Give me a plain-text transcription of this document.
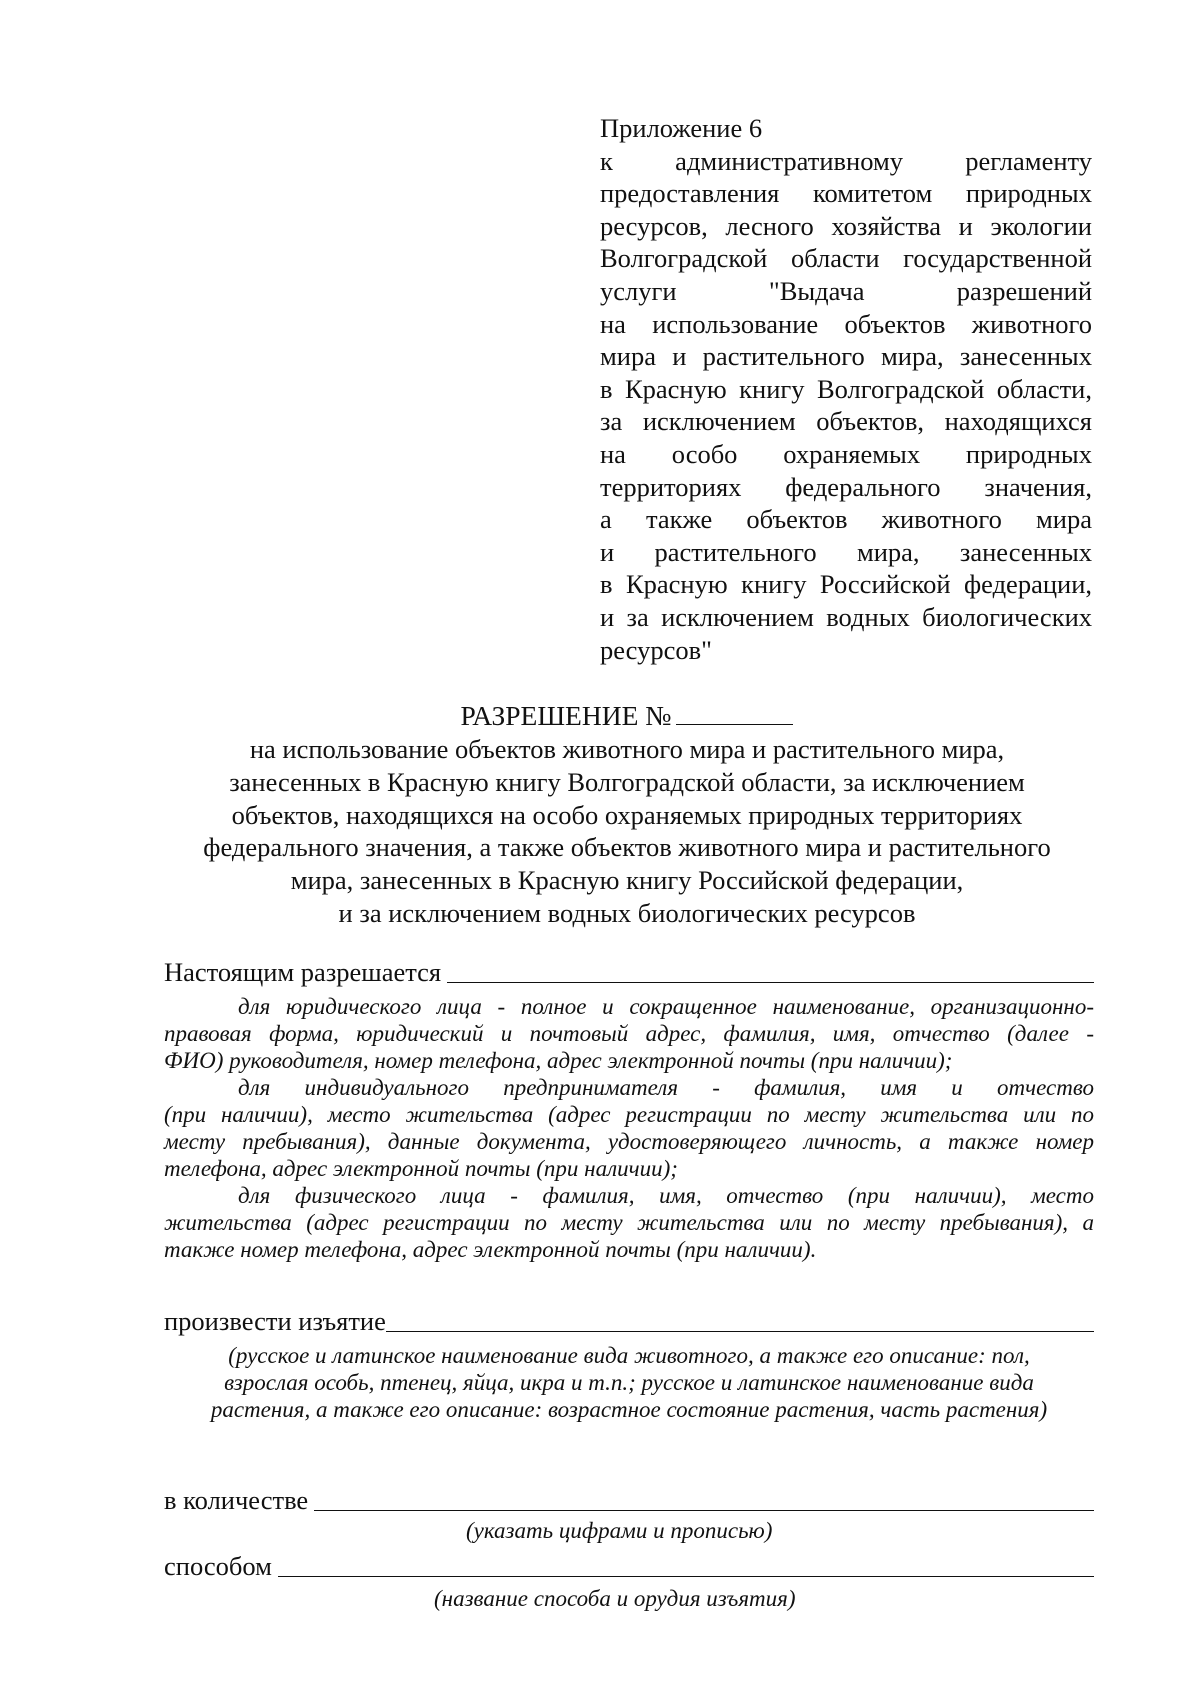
Приложение 6
к административному регламенту
предоставления комитетом природных
ресурсов, лесного хозяйства и экологии
Волгоградской области государственной
услуги "Выдача разрешений
на использование объектов животного
мира и растительного мира, занесенных
в Красную книгу Волгоградской области,
за исключением объектов, находящихся
на особо охраняемых природных
территориях федерального значения,
а также объектов животного мира
и растительного мира, занесенных
в Красную книгу Российской федерации,
и за исключением водных биологических
ресурсов"
РАЗРЕШЕНИЕ №
на использование объектов животного мира и растительного мира,
занесенных в Красную книгу Волгоградской области, за исключением
объектов, находящихся на особо охраняемых природных территориях
федерального значения, а также объектов животного мира и растительного
мира, занесенных в Красную книгу Российской федерации,
и за исключением водных биологических ресурсов
Настоящим разрешается
для юридического лица - полное и сокращенное наименование, организационно-
правовая форма, юридический и почтовый адрес, фамилия, имя, отчество (далее -
ФИО) руководителя, номер телефона, адрес электронной почты (при наличии);
для индивидуального предпринимателя - фамилия, имя и отчество
(при наличии), место жительства (адрес регистрации по месту жительства или по
месту пребывания), данные документа, удостоверяющего личность, а также номер
телефона, адрес электронной почты (при наличии);
для физического лица - фамилия, имя, отчество (при наличии), место
жительства (адрес регистрации по месту жительства или по месту пребывания), а
также номер телефона, адрес электронной почты (при наличии).
произвести изъятие
(русское и латинское наименование вида животного, а также его описание: пол,
взрослая особь, птенец, яйца, икра и т.п.; русское и латинское наименование вида
растения, а также его описание: возрастное состояние растения, часть растения)
в количестве
(указать цифрами и прописью)
способом
(название способа и орудия изъятия)
